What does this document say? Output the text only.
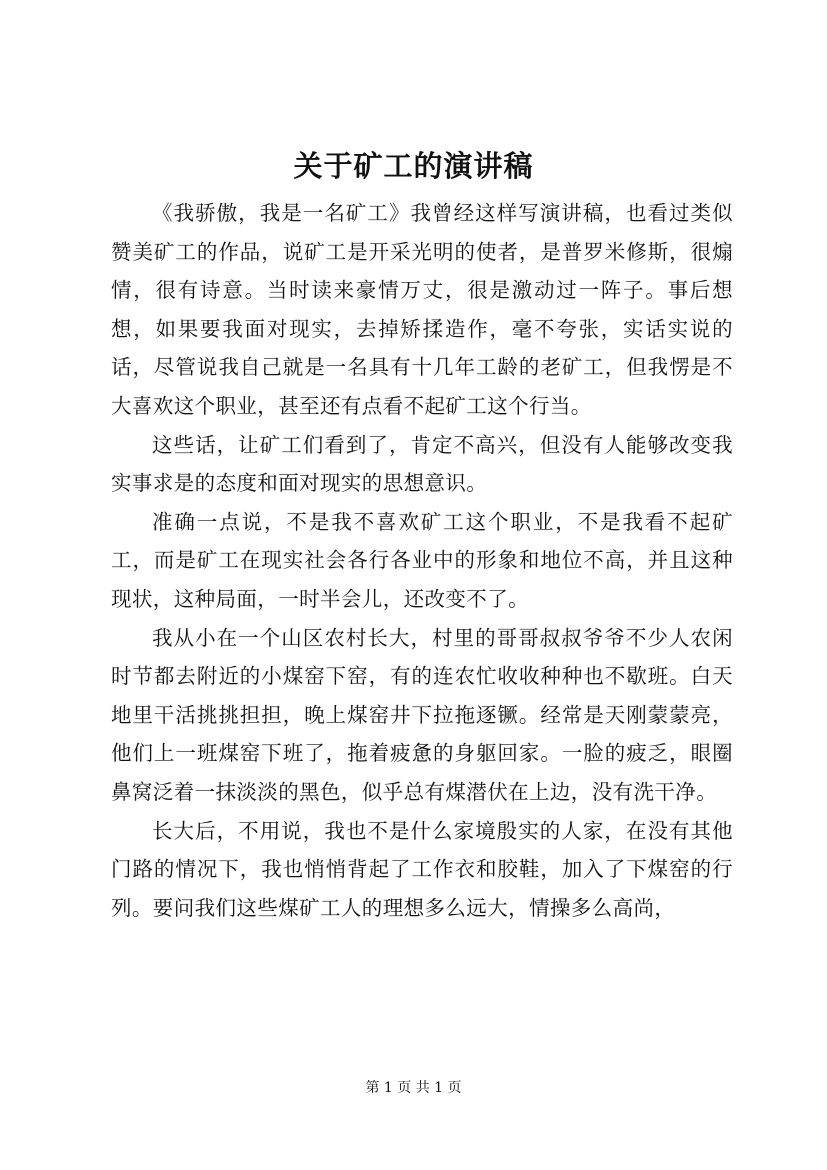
关于矿工的演讲稿

《我骄傲，我是一名矿工》我曾经这样写演讲稿，也看过类似赞美矿工的作品，说矿工是开采光明的使者，是普罗米修斯，很煽情，很有诗意。当时读来豪情万丈，很是激动过一阵子。事后想想，如果要我面对现实，去掉矫揉造作，毫不夸张，实话实说的话，尽管说我自己就是一名具有十几年工龄的老矿工，但我愣是不大喜欢这个职业，甚至还有点看不起矿工这个行当。

这些话，让矿工们看到了，肯定不高兴，但没有人能够改变我实事求是的态度和面对现实的思想意识。

准确一点说，不是我不喜欢矿工这个职业，不是我看不起矿工，而是矿工在现实社会各行各业中的形象和地位不高，并且这种现状，这种局面，一时半会儿，还改变不了。

我从小在一个山区农村长大，村里的哥哥叔叔爷爷不少人农闲时节都去附近的小煤窑下窑，有的连农忙收收种种也不歇班。白天地里干活挑挑担担，晚上煤窑井下拉拖逐镢。经常是天刚蒙蒙亮，他们上一班煤窑下班了，拖着疲惫的身躯回家。一脸的疲乏，眼圈鼻窝泛着一抹淡淡的黑色，似乎总有煤潜伏在上边，没有洗干净。

长大后，不用说，我也不是什么家境殷实的人家，在没有其他门路的情况下，我也悄悄背起了工作衣和胶鞋，加入了下煤窑的行列。要问我们这些煤矿工人的理想多么远大，情操多么高尚，

第 1 页 共 1 页
